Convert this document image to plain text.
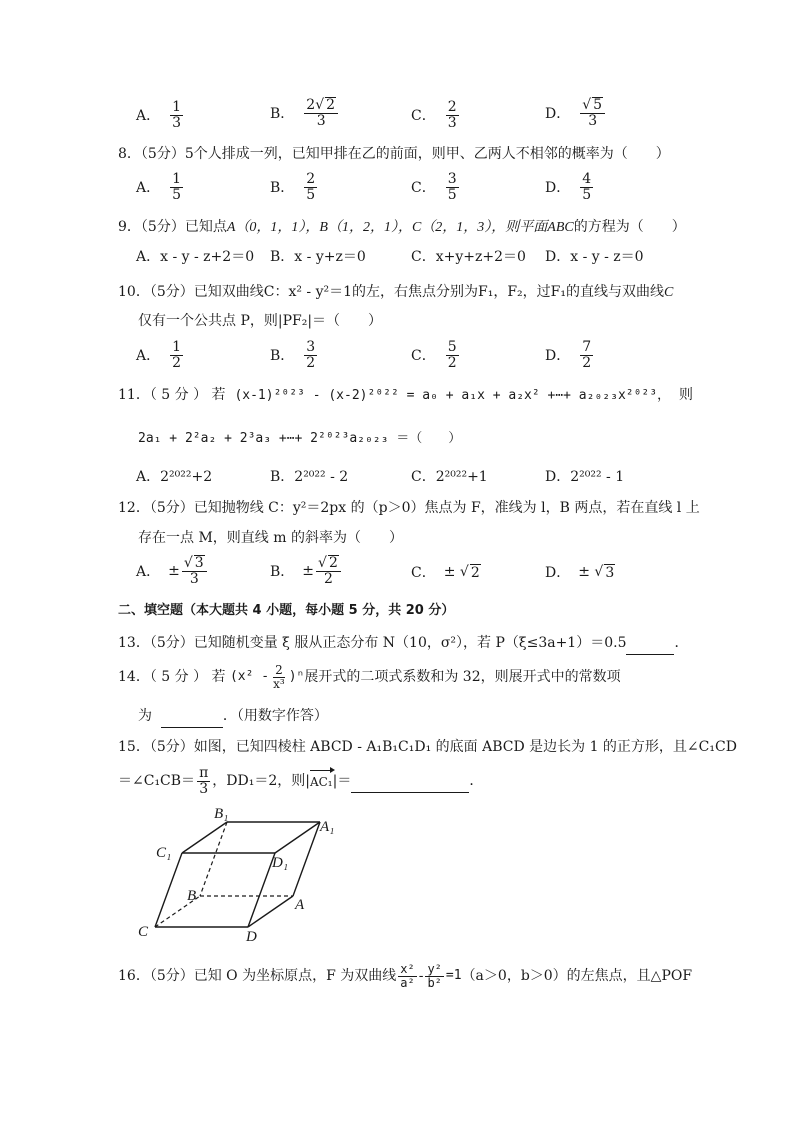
A． $\frac{1}{3}$	B． $\frac{2√ 2}{3}$	C． $\frac{2}{3}$	D． $\frac{√ 5}{3}$
8．（5分）5个人排成一列，已知甲排在乙的前面，则甲、乙两人不相邻的概率为（　　）
A． $\frac{1}{5}$	B． $\frac{2}{5}$	C． $\frac{3}{5}$	D． $\frac{4}{5}$
9．（5分）已知点A（0，1，1），B（1，2，1），C（2，1，3），则平面ABC的方程为（　　）
A．x - y - z+2＝0 B．x - y+z＝0	C．x+y+z+2＝0 D．x - y - z＝0
10．（5分）已知双曲线C：x² - y²＝1的左，右焦点分别为F₁，F₂，过F₁的直线与双曲线C
仅有一个公共点 P，则|PF₂|＝（　　）
A． $\frac{1}{2}$	B． $\frac{3}{2}$	C． $\frac{5}{2}$	D． $\frac{7}{2}$
11．（ 5 分 ） 若 (x-1)²⁰²³ - (x-2)²⁰²² = a₀ + a₁x + a₂x² +⋯+ a₂₀₂₃x²⁰²³， 则
2a₁ + 2²a₂ + 2³a₃ +⋯+ 2²⁰²³a₂₀₂₃ ＝（　　）
A．2²⁰²²+2	B．2²⁰²² - 2	C．2²⁰²²+1	D．2²⁰²² - 1
12．（5分）已知抛物线 C：y²＝2px 的（p＞0）焦点为 F，准线为 l，B 两点，若在直线 l 上
存在一点 M，则直线 m 的斜率为（　　）
A． ± $\frac{√ 3}{3}$	B． ± $\frac{√ 2}{2}$	C． ± √ 2	D． ± √ 3
二、填空题（本大题共 4 小题，每小题 5 分，共 20 分）
13．（5分）已知随机变量 ξ 服从正态分布 N（10，σ²），若 P（ξ≤3a+1）＝0.5	．
14．（ 5 分 ） 若
$(x^2 - \frac{2}{\text{x³}} )^n$ 展开式的二项式系数和为 32，则展开式中的常数项
为	．（用数字作答）
15．（5分）如图，已知四棱柱 ABCD - A₁B₁C₁D₁ 的底面 ABCD 是边长为 1 的正方形，且∠C₁CD
＝∠C₁CB＝ $\frac{\pi}{3}$ ，DD₁＝2，则| AC₁ |＝
	．
B₁
A₁
C₁
D₁
B
A
C	D
16．（5分）已知 O 为坐标原点，F 为双曲线 $\frac{\text{x²}}{\text{a²}} - \frac{\text{y²}}{\text{b²}} =1$ （a＞0，b＞0）的左焦点，且△POF
